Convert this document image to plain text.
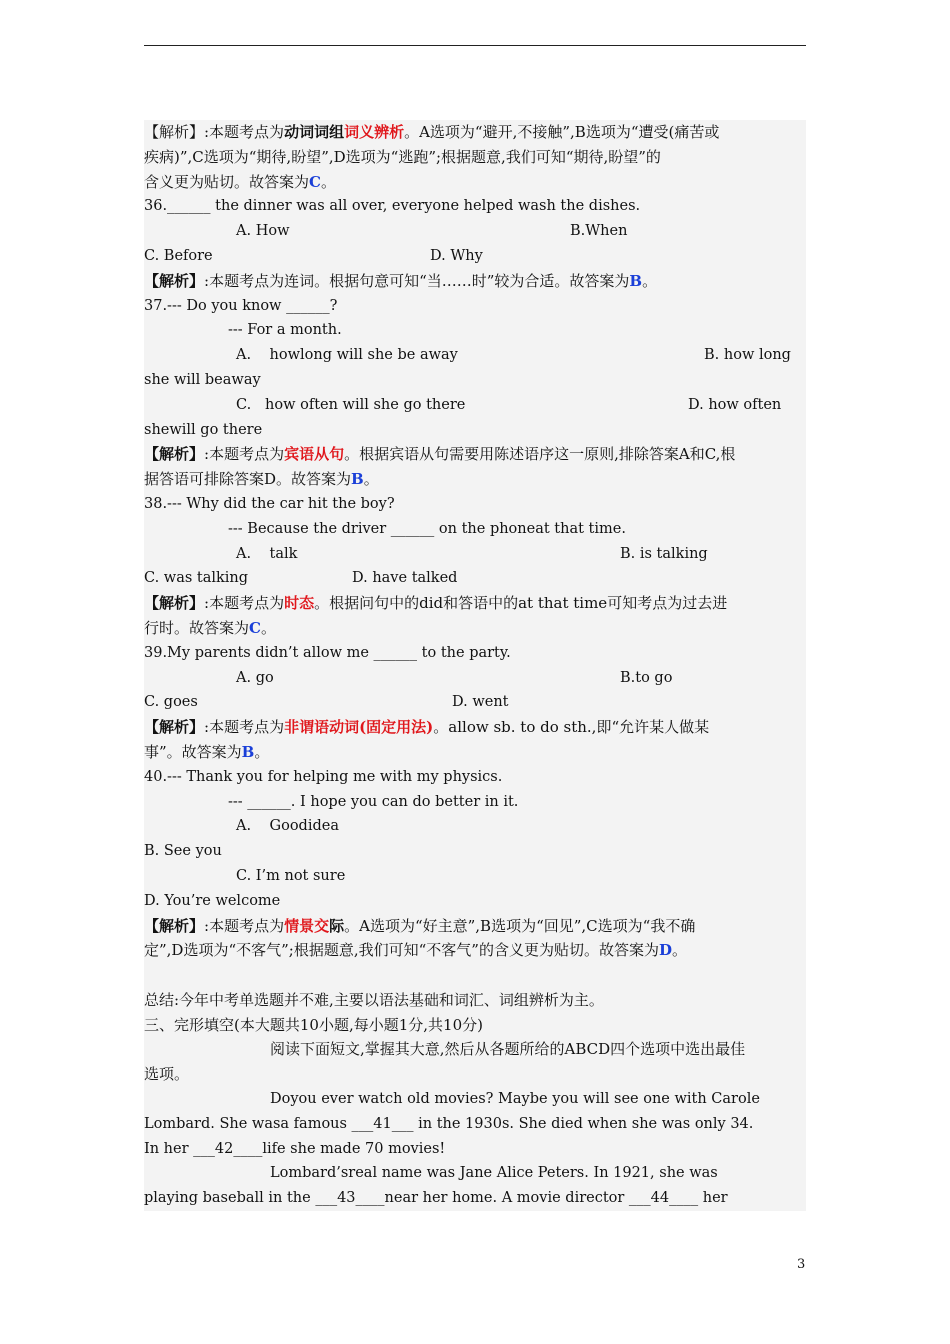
【解析】:本题考点为动词词组词义辨析。A选项为“避开,不接触”,B选项为“遭受(痛苦或
疾病)”,C选项为“期待,盼望”,D选项为“逃跑”;根据题意,我们可知“期待,盼望”的
含义更为贴切。故答案为C。
36.______ the dinner was all over, everyone helped wash the dishes.
A. How	B.When
C. Before	D. Why
【解析】:本题考点为连词。根据句意可知“当……时”较为合适。故答案为B。
37.--- Do you know ______?
--- For a month.
A.    howlong will she be away	B. how long
she will beaway
C.   how often will she go there	D. how often
shewill go there
【解析】:本题考点为宾语从句。根据宾语从句需要用陈述语序这一原则,排除答案A和C,根
据答语可排除答案D。故答案为B。
38.--- Why did the car hit the boy?
--- Because the driver ______ on the phoneat that time.
A.    talk	B. is talking
C. was talking	D. have talked
【解析】:本题考点为时态。根据问句中的did和答语中的at that time可知考点为过去进
行时。故答案为C。
39.My parents didn’t allow me ______ to the party.
A. go	B.to go
C. goes	D. went
【解析】:本题考点为非谓语动词(固定用法)。allow sb. to do sth.,即“允许某人做某
事”。故答案为B。
40.--- Thank you for helping me with my physics.
--- ______. I hope you can do better in it.
A.    Goodidea
B. See you
C. I’m not sure
D. You’re welcome
【解析】:本题考点为情景交际。A选项为“好主意”,B选项为“回见”,C选项为“我不确
定”,D选项为“不客气”;根据题意,我们可知“不客气”的含义更为贴切。故答案为D。
总结:今年中考单选题并不难,主要以语法基础和词汇、词组辨析为主。
三、完形填空(本大题共10小题,每小题1分,共10分)
阅读下面短文,掌握其大意,然后从各题所给的ABCD四个选项中选出最佳
选项。
Doyou ever watch old movies? Maybe you will see one with Carole
Lombard. She wasa famous ___41___ in the 1930s. She died when she was only 34.
In her ___42____life she made 70 movies!
Lombard’sreal name was Jane Alice Peters. In 1921, she was
playing baseball in the ___43____near her home. A movie director ___44____ her
3
